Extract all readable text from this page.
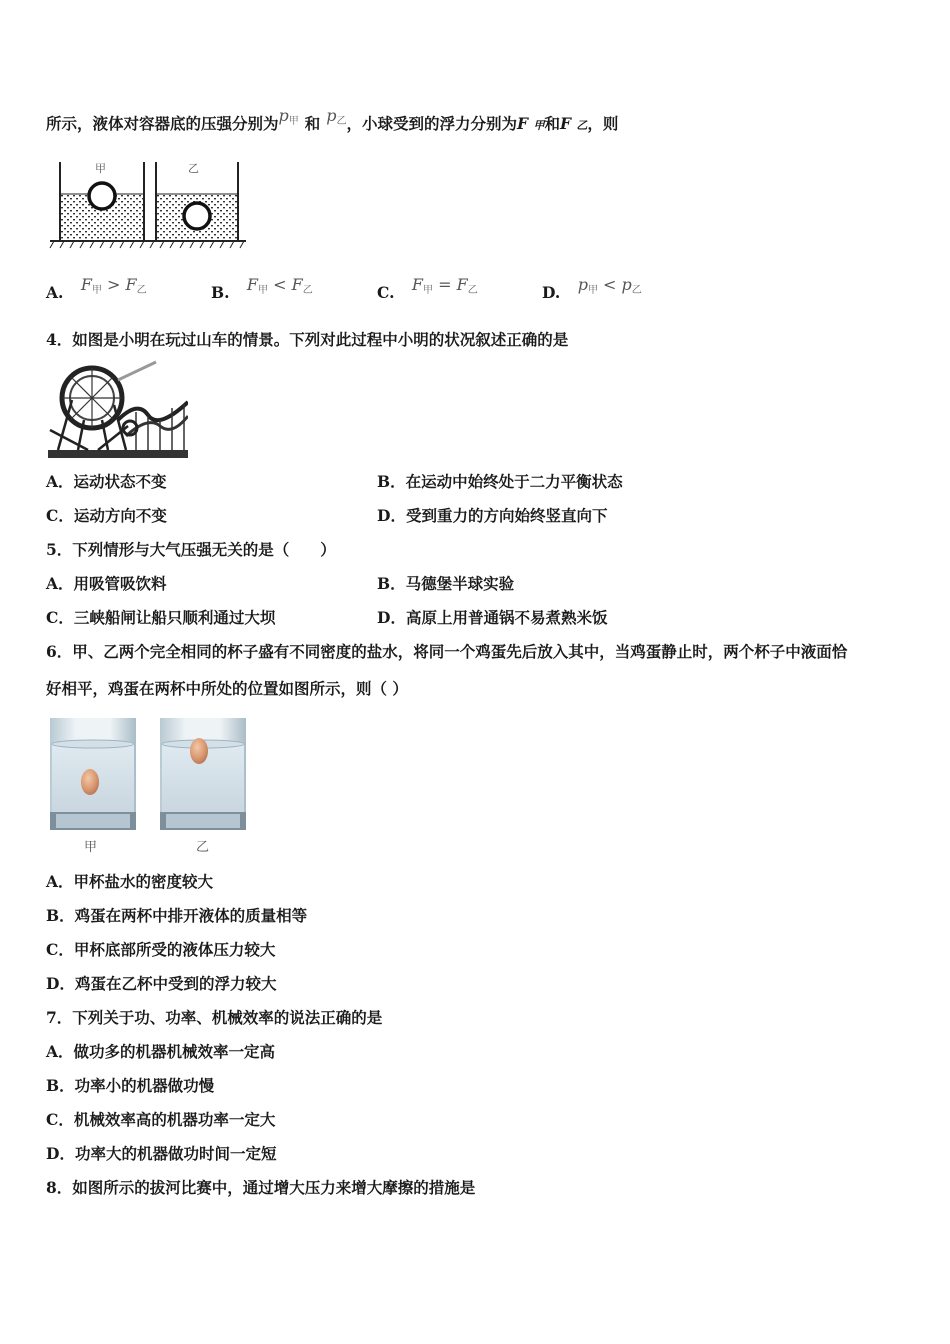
所示，液体对容器底的压强分别为$p_甲$ 和 $p_乙$，小球受到的浮力分别为F 甲和F 乙，则
甲	乙
A. $F_甲 > F_乙$	B. $F_甲 < F_乙$	C. $F_甲 = F_乙$	D. $p_甲 < p_乙$
4．如图是小明在玩过山车的情景。下列对此过程中小明的状况叙述正确的是
A．运动状态不变	B．在运动中始终处于二力平衡状态
C．运动方向不变	D．受到重力的方向始终竖直向下
5．下列情形与大气压强无关的是（　　）
A．用吸管吸饮料	B．马德堡半球实验
C．三峡船闸让船只顺利通过大坝	D．高原上用普通锅不易煮熟米饭
6．甲、乙两个完全相同的杯子盛有不同密度的盐水，将同一个鸡蛋先后放入其中，当鸡蛋静止时，两个杯子中液面恰
好相平，鸡蛋在两杯中所处的位置如图所示，则（ ）
甲	乙
A．甲杯盐水的密度较大
B．鸡蛋在两杯中排开液体的质量相等
C．甲杯底部所受的液体压力较大
D．鸡蛋在乙杯中受到的浮力较大
7．下列关于功、功率、机械效率的说法正确的是
A．做功多的机器机械效率一定高
B．功率小的机器做功慢
C．机械效率高的机器功率一定大
D．功率大的机器做功时间一定短
8．如图所示的拔河比赛中，通过增大压力来增大摩擦的措施是
